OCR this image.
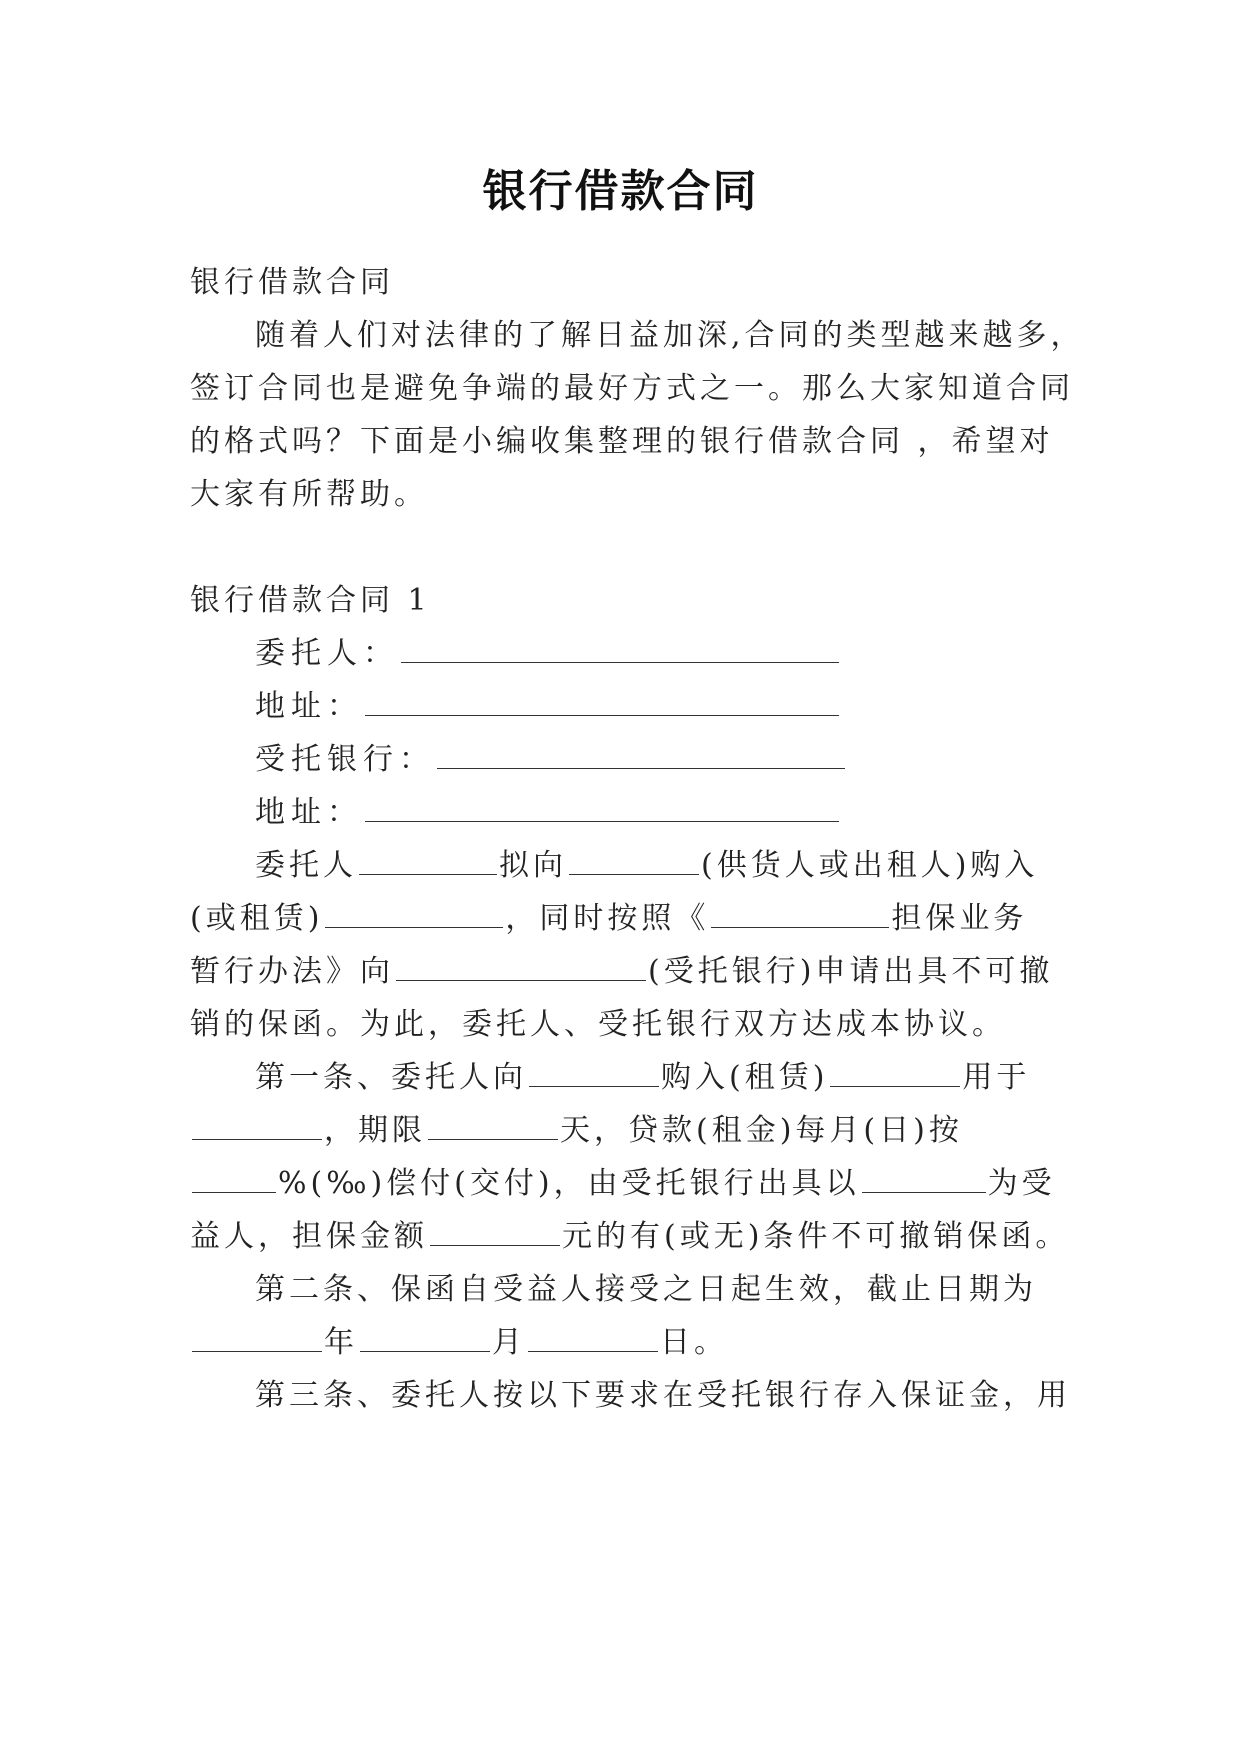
银行借款合同

银行借款合同

随着人们对法律的了解日益加深,合同的类型越来越多，

签订合同也是避免争端的最好方式之一。那么大家知道合同

的格式吗？下面是小编收集整理的银行借款合同 ，希望对

大家有所帮助。

银行借款合同 1

委托人：

地址：

受托银行：

地址：

委托人	拟向	(供货人或出租人)购入

(或租赁)	，同时按照《	担保业务

暂行办法》向	(受托银行)申请出具不可撤

销的保函。为此，委托人、受托银行双方达成本协议。

第一条、委托人向	购入(租赁)	用于

，期限	天，贷款(租金)每月(日)按

%(‰)偿付(交付)，由受托银行出具以	为受

益人，担保金额	元的有(或无)条件不可撤销保函。

第二条、保函自受益人接受之日起生效，截止日期为

年	月	日。

第三条、委托人按以下要求在受托银行存入保证金，用
